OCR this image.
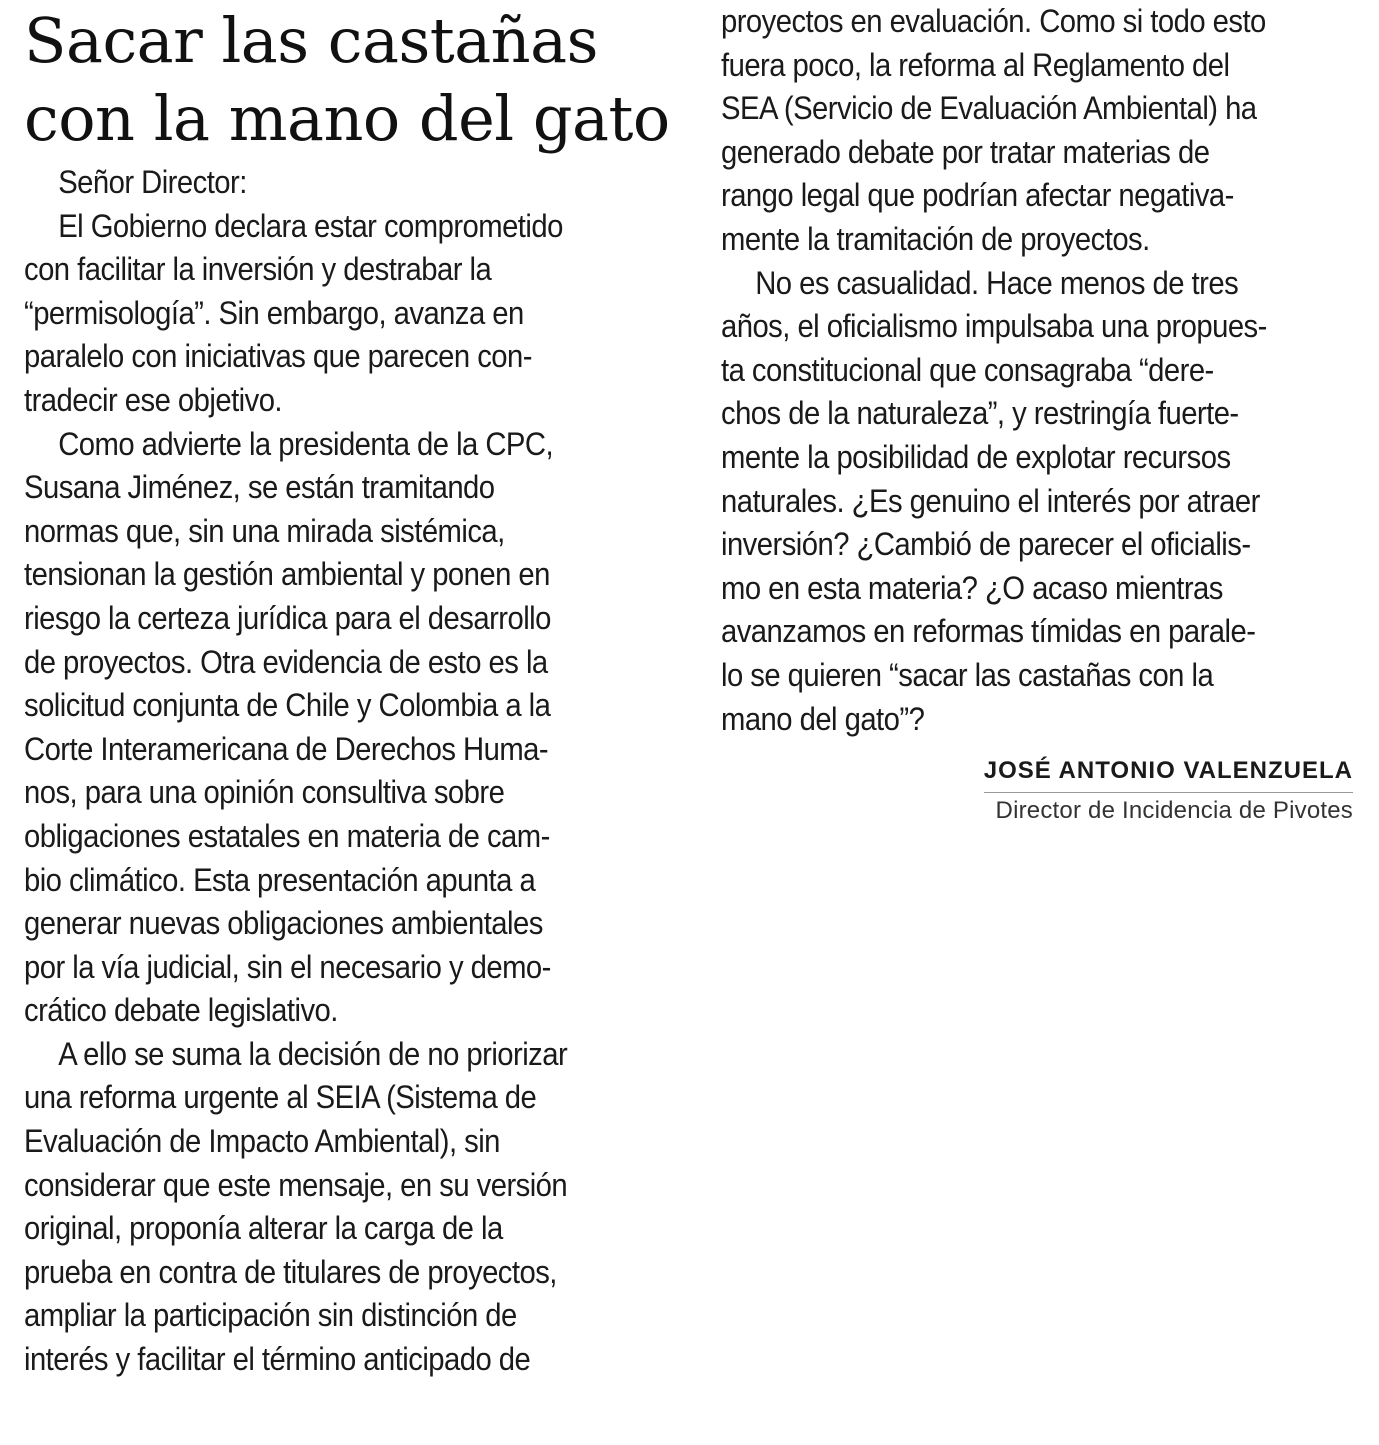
Sacar las castañas
con la mano del gato
Señor Director:
El Gobierno declara estar comprometido
con facilitar la inversión y destrabar la
“permisología”. Sin embargo, avanza en
paralelo con iniciativas que parecen con-
tradecir ese objetivo.
Como advierte la presidenta de la CPC,
Susana Jiménez, se están tramitando
normas que, sin una mirada sistémica,
tensionan la gestión ambiental y ponen en
riesgo la certeza jurídica para el desarrollo
de proyectos. Otra evidencia de esto es la
solicitud conjunta de Chile y Colombia a la
Corte Interamericana de Derechos Huma-
nos, para una opinión consultiva sobre
obligaciones estatales en materia de cam-
bio climático. Esta presentación apunta a
generar nuevas obligaciones ambientales
por la vía judicial, sin el necesario y demo-
crático debate legislativo.
A ello se suma la decisión de no priorizar
una reforma urgente al SEIA (Sistema de
Evaluación de Impacto Ambiental), sin
considerar que este mensaje, en su versión
original, proponía alterar la carga de la
prueba en contra de titulares de proyectos,
ampliar la participación sin distinción de
interés y facilitar el término anticipado de
proyectos en evaluación. Como si todo esto
fuera poco, la reforma al Reglamento del
SEA (Servicio de Evaluación Ambiental) ha
generado debate por tratar materias de
rango legal que podrían afectar negativa-
mente la tramitación de proyectos.
No es casualidad. Hace menos de tres
años, el oficialismo impulsaba una propues-
ta constitucional que consagraba “dere-
chos de la naturaleza”, y restringía fuerte-
mente la posibilidad de explotar recursos
naturales. ¿Es genuino el interés por atraer
inversión? ¿Cambió de parecer el oficialis-
mo en esta materia? ¿O acaso mientras
avanzamos en reformas tímidas en parale-
lo se quieren “sacar las castañas con la
mano del gato”?
JOSÉ ANTONIO VALENZUELA
Director de Incidencia de Pivotes
